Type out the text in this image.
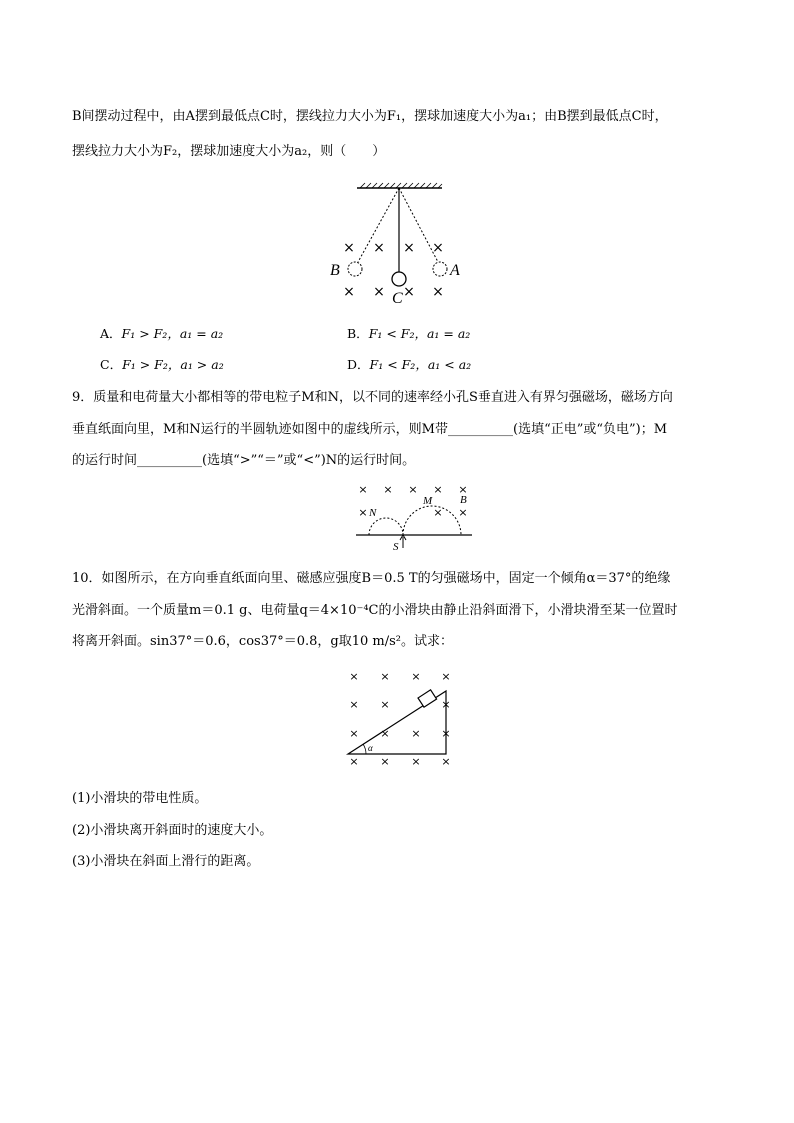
B间摆动过程中，由A摆到最低点C时，摆线拉力大小为F₁，摆球加速度大小为a₁；由B摆到最低点C时，
摆线拉力大小为F₂，摆球加速度大小为a₂，则（　　）
× × × ×
× × × ×
B	A
C
A．F₁ > F₂，a₁ = a₂	B．F₁ < F₂，a₁ = a₂
C．F₁ > F₂，a₁ > a₂	D．F₁ < F₂，a₁ < a₂
9．质量和电荷量大小都相等的带电粒子M和N，以不同的速率经小孔S垂直进入有界匀强磁场，磁场方向
垂直纸面向里，M和N运行的半圆轨迹如图中的虚线所示，则M带__________(选填“正电”或“负电”)；M
的运行时间__________(选填“>”“＝”或“<”)N的运行时间。
× × × × ×
×	× ×
N
M	B
S
10．如图所示，在方向垂直纸面向里、磁感应强度B＝0.5 T的匀强磁场中，固定一个倾角α＝37°的绝缘
光滑斜面。一个质量m＝0.1 g、电荷量q＝4×10⁻⁴C的小滑块由静止沿斜面滑下，小滑块滑至某一位置时
将离开斜面。sin37°＝0.6，cos37°＝0.8，g取10 m/s²。试求：
× × × ×
× ×	×
× × × ×
× × × ×
α
(1)小滑块的带电性质。
(2)小滑块离开斜面时的速度大小。
(3)小滑块在斜面上滑行的距离。
